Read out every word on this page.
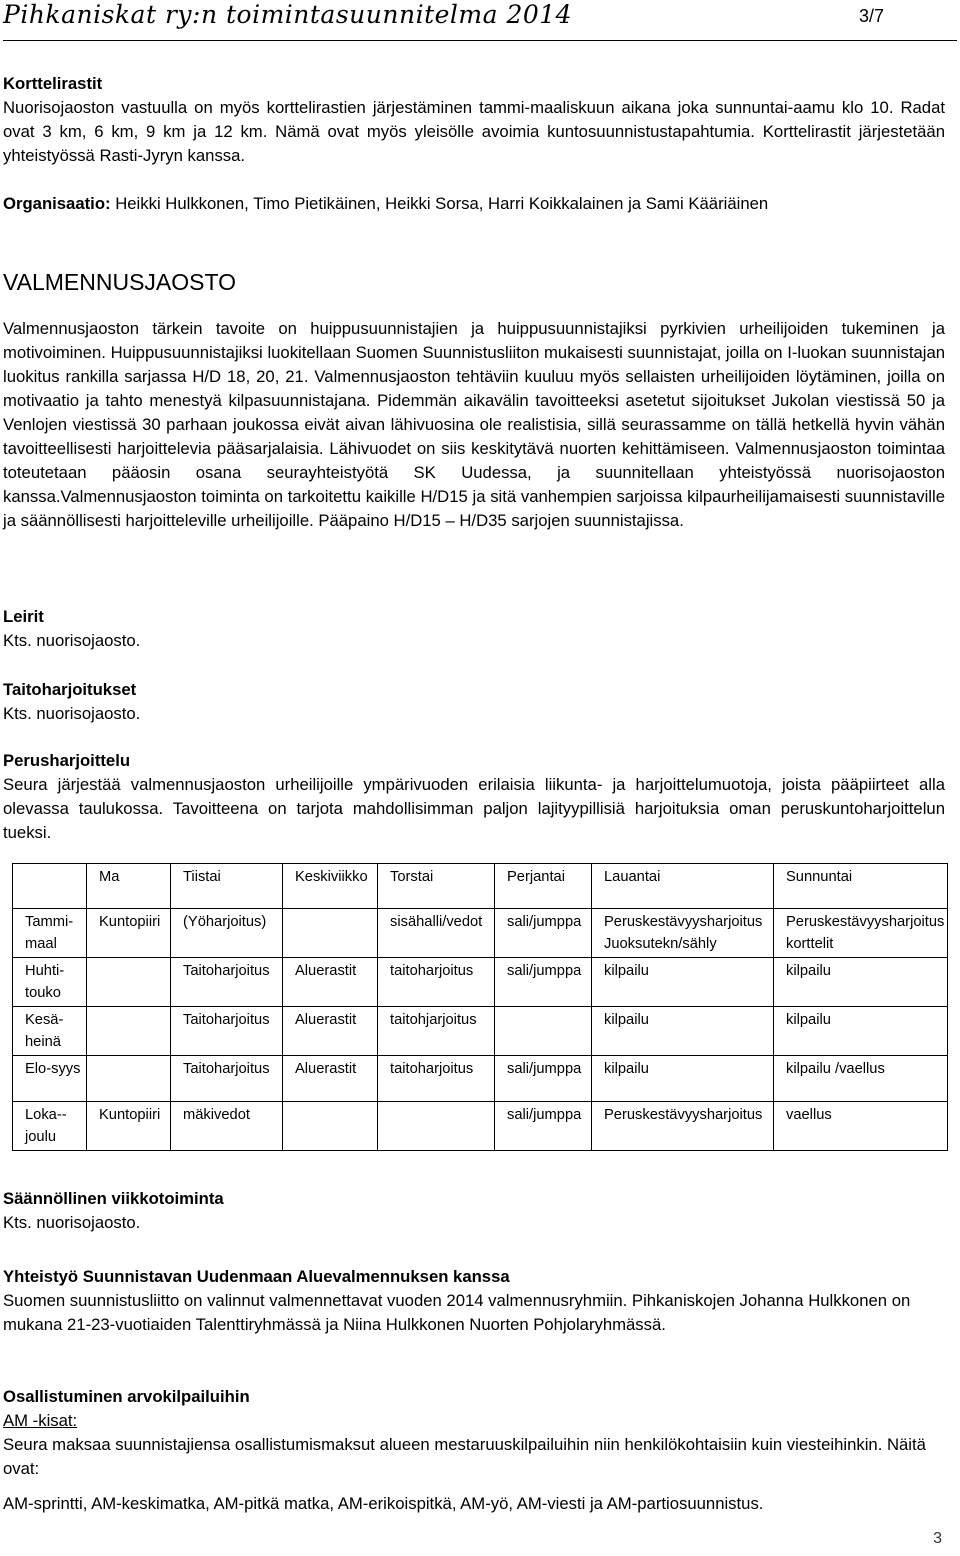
Pihkaniskat ry:n toimintasuunnitelma 2014	3/7
Korttelirastit
Nuorisojaoston vastuulla on myös korttelirastien järjestäminen tammi-maaliskuun aikana joka sunnuntai-aamu klo 10. Radat ovat 3 km, 6 km, 9 km ja 12 km. Nämä ovat myös yleisölle avoimia kuntosuunnistustapahtumia. Korttelirastit järjestetään yhteistyössä Rasti-Jyryn kanssa.
Organisaatio: Heikki Hulkkonen, Timo Pietikäinen, Heikki Sorsa, Harri Koikkalainen ja Sami Kääriäinen
VALMENNUSJAOSTO
Valmennusjaoston tärkein tavoite on huippusuunnistajien ja huippusuunnistajiksi pyrkivien urheilijoiden tukeminen ja motivoiminen. Huippusuunnistajiksi luokitellaan Suomen Suunnistusliiton mukaisesti suunnistajat, joilla on I-luokan suunnistajan luokitus rankilla sarjassa H/D 18, 20, 21. Valmennusjaoston tehtäviin kuuluu myös sellaisten urheilijoiden löytäminen, joilla on motivaatio ja tahto menestyä kilpasuunnistajana. Pidemmän aikavälin tavoitteeksi asetetut sijoitukset Jukolan viestissä 50 ja Venlojen viestissä 30 parhaan joukossa eivät aivan lähivuosina ole realistisia, sillä seurassamme on tällä hetkellä hyvin vähän tavoitteellisesti harjoittelevia pääsarjalaisia. Lähivuodet on siis keskitytävä nuorten kehittämiseen. Valmennusjaoston toimintaa toteutetaan pääosin osana seurayhteistyötä SK Uudessa, ja suunnitellaan yhteistyössä nuorisojaoston kanssa.Valmennusjaoston toiminta on tarkoitettu kaikille H/D15 ja sitä vanhempien sarjoissa kilpaurheilijamaisesti suunnistaville ja säännöllisesti harjoitteleville urheilijoille. Pääpaino H/D15 – H/D35 sarjojen suunnistajissa.
Leirit
Kts. nuorisojaosto.
Taitoharjoitukset
Kts. nuorisojaosto.
Perusharjoittelu
Seura järjestää valmennusjaoston urheilijoille ympärivuoden erilaisia liikunta- ja harjoittelumuotoja, joista pääpiirteet alla olevassa taulukossa. Tavoitteena on tarjota mahdollisimman paljon lajityypillisiä harjoituksia oman peruskuntoharjoittelun tueksi.
	Ma	Tiistai	Keskiviikko	Torstai	Perjantai	Lauantai	Sunnuntai
Tammi-maal	Kuntopiiri	(Yöharjoitus)		sisähalli/vedot	sali/jumppa	Peruskestävyysharjoitus Juoksutekn/sähly	Peruskestävyysharjoitus korttelit
Huhti-touko		Taitoharjoitus	Aluerastit	taitoharjoitus	sali/jumppa	kilpailu	kilpailu
Kesä-heinä		Taitoharjoitus	Aluerastit	taitohjarjoitus		kilpailu	kilpailu
Elo-syys		Taitoharjoitus	Aluerastit	taitoharjoitus	sali/jumppa	kilpailu	kilpailu /vaellus
Loka--joulu	Kuntopiiri	mäkivedot			sali/jumppa	Peruskestävyysharjoitus	vaellus
Säännöllinen viikkotoiminta
Kts. nuorisojaosto.
Yhteistyö Suunnistavan Uudenmaan Aluevalmennuksen kanssa
Suomen suunnistusliitto on valinnut valmennettavat vuoden 2014 valmennusryhmiin. Pihkaniskojen Johanna Hulkkonen on mukana 21-23-vuotiaiden Talenttiryhmässä ja Niina Hulkkonen Nuorten Pohjolaryhmässä.
Osallistuminen arvokilpailuihin
AM -kisat:
Seura maksaa suunnistajiensa osallistumismaksut alueen mestaruuskilpailuihin niin henkilökohtaisiin kuin viesteihinkin. Näitä ovat:
AM-sprintti, AM-keskimatka, AM-pitkä matka, AM-erikoispitkä, AM-yö, AM-viesti ja AM-partiosuunnistus.
3
